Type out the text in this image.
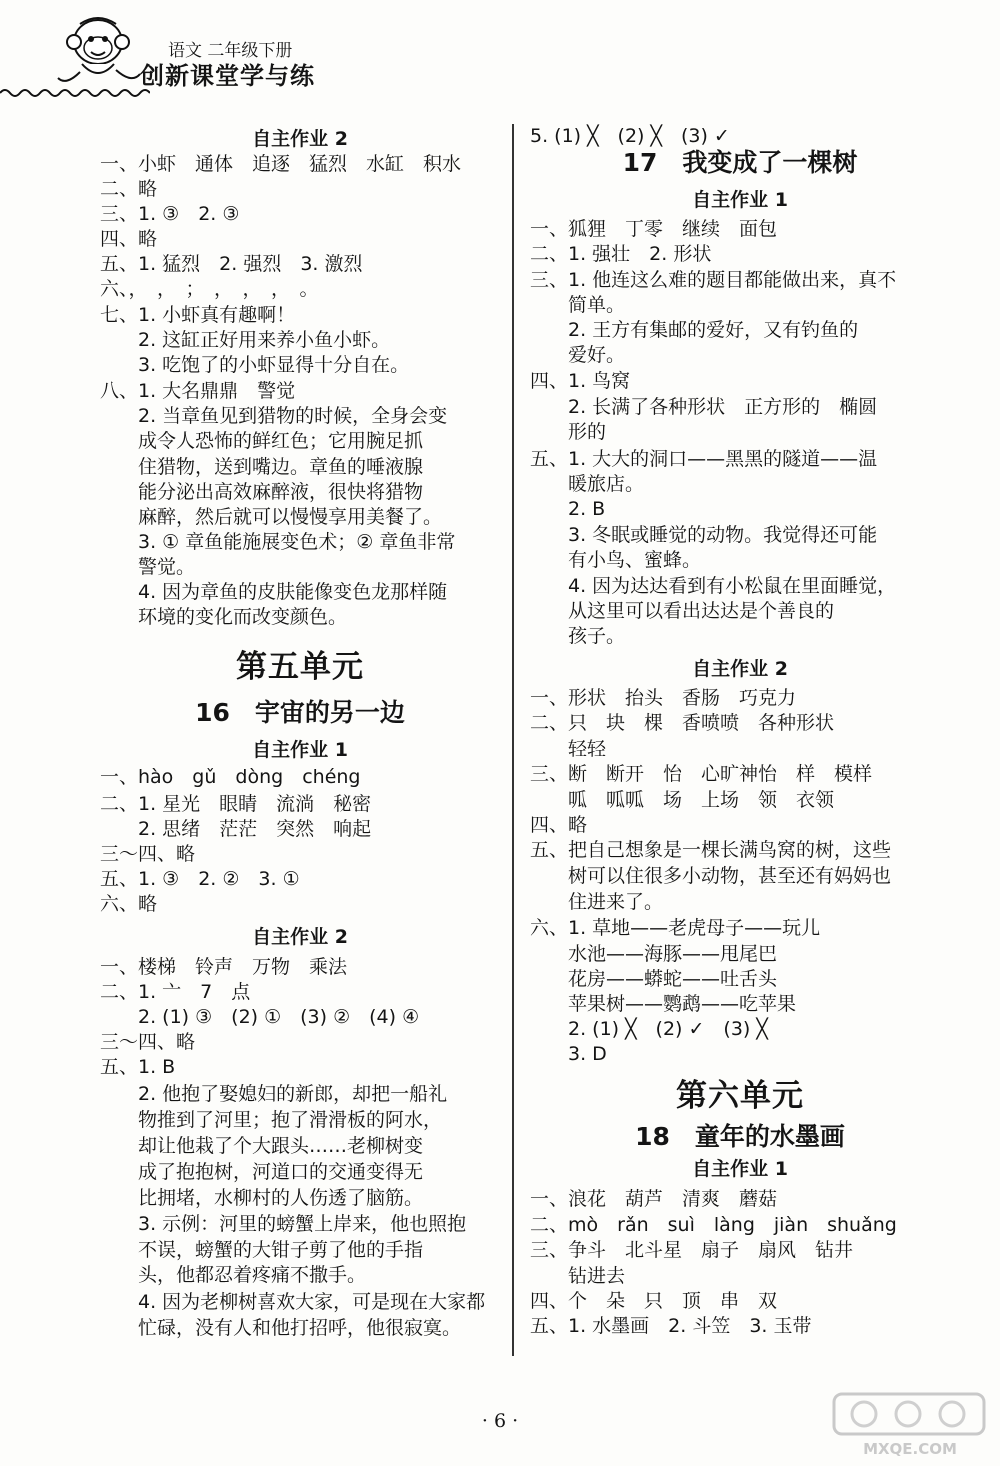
语文 二年级下册
创新课堂学与练
自主作业 2
一、小虾　通体　追逐　猛烈　水缸　积水
二、略
三、1. ③　2. ③
四、略
五、1. 猛烈　2. 强烈　3. 激烈
六、，　，　；　，　，　，　。
七、1. 小虾真有趣啊！
　　2. 这缸正好用来养小鱼小虾。
　　3. 吃饱了的小虾显得十分自在。
八、1. 大名鼎鼎　警觉
　　2. 当章鱼见到猎物的时候，全身会变
　　成令人恐怖的鲜红色；它用腕足抓
　　住猎物，送到嘴边。章鱼的唾液腺
　　能分泌出高效麻醉液，很快将猎物
　　麻醉，然后就可以慢慢享用美餐了。
　　3. ① 章鱼能施展变色术；② 章鱼非常
　　警觉。
　　4. 因为章鱼的皮肤能像变色龙那样随
　　环境的变化而改变颜色。
第五单元
16　宇宙的另一边
自主作业 1
一、hào　gǔ　dòng　chéng
二、1. 星光　眼睛　流淌　秘密
　　2. 思绪　茫茫　突然　响起
三～四、略
五、1. ③　2. ②　3. ①
六、略
自主作业 2
一、楼梯　铃声　万物　乘法
二、1. 亠　7　点
　　2. (1) ③　(2) ①　(3) ②　(4) ④
三～四、略
五、1. B
　　2. 他抱了娶媳妇的新郎，却把一船礼
　　物推到了河里；抱了滑滑板的阿水，
　　却让他栽了个大跟头……老柳树变
　　成了抱抱树，河道口的交通变得无
　　比拥堵，水柳村的人伤透了脑筋。
　　3. 示例：河里的螃蟹上岸来，他也照抱
　　不误，螃蟹的大钳子剪了他的手指
　　头，他都忍着疼痛不撒手。
　　4. 因为老柳树喜欢大家，可是现在大家都
　　忙碌，没有人和他打招呼，他很寂寞。
5. (1) ╳　(2) ╳　(3) ✓
17　我变成了一棵树
自主作业 1
一、狐狸　丁零　继续　面包
二、1. 强壮　2. 形状
三、1. 他连这么难的题目都能做出来，真不
　　简单。
　　2. 王方有集邮的爱好，又有钓鱼的
　　爱好。
四、1. 鸟窝
　　2. 长满了各种形状　正方形的　椭圆
　　形的
五、1. 大大的洞口——黑黑的隧道——温
　　暖旅店。
　　2. B
　　3. 冬眠或睡觉的动物。我觉得还可能
　　有小鸟、蜜蜂。
　　4. 因为达达看到有小松鼠在里面睡觉，
　　从这里可以看出达达是个善良的
　　孩子。
自主作业 2
一、形状　抬头　香肠　巧克力
二、只　块　棵　香喷喷　各种形状
　　轻轻
三、断　断开　怡　心旷神怡　样　模样
　　呱　呱呱　场　上场　领　衣领
四、略
五、把自己想象是一棵长满鸟窝的树，这些
　　树可以住很多小动物，甚至还有妈妈也
　　住进来了。
六、1. 草地——老虎母子——玩儿
　　水池——海豚——甩尾巴
　　花房——蟒蛇——吐舌头
　　苹果树——鹦鹉——吃苹果
　　2. (1) ╳　(2) ✓　(3) ╳
　　3. D
第六单元
18　童年的水墨画
自主作业 1
一、浪花　葫芦　清爽　蘑菇
二、mò　rǎn　suì　làng　jiàn　shuǎng
三、争斗　北斗星　扇子　扇风　钻井
　　钻进去
四、个　朵　只　顶　串　双
五、1. 水墨画　2. 斗笠　3. 玉带
· 6 ·
MXQE.COM
